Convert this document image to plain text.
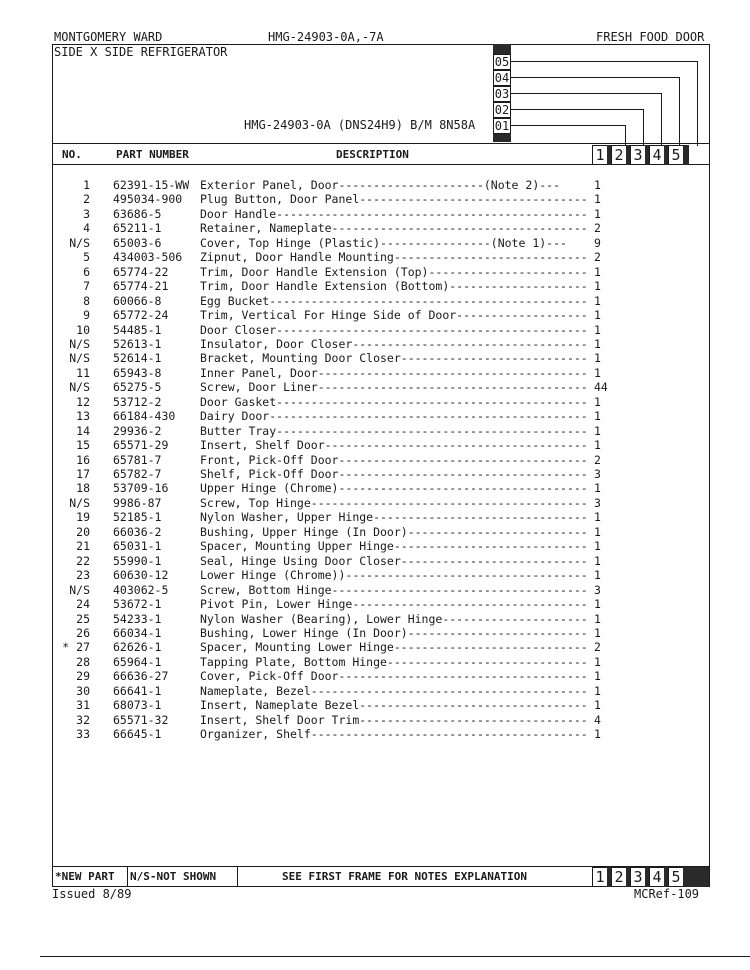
MONTGOMERY WARD	HMG-24903-0A,-7A	FRESH FOOD DOOR
SIDE X SIDE REFRIGERATOR
HMG-24903-0A (DNS24H9) B/M 8N58A
05
04
03
02
01
NO.	PART NUMBER	DESCRIPTION	1 2 3 4 5
1 62391-15-WW Exterior Panel, Door---------------------(Note 2)---	1
2 495034-900 Plug Button, Door Panel--------------------------------- 1
3 63686-5	Door Handle--------------------------------------------- 1
4 65211-1	Retainer, Nameplate------------------------------------- 2
N/S 65003-6	Cover, Top Hinge (Plastic)----------------(Note 1)--- 9
5 434003-506 Zipnut, Door Handle Mounting---------------------------- 2
6 65774-22	Trim, Door Handle Extension (Top)----------------------- 1
7 65774-21	Trim, Door Handle Extension (Bottom)-------------------- 1
8 60066-8	Egg Bucket---------------------------------------------- 1
9 65772-24	Trim, Vertical For Hinge Side of Door------------------- 1
10 54485-1	Door Closer--------------------------------------------- 1
N/S 52613-1	Insulator, Door Closer---------------------------------- 1
N/S 52614-1	Bracket, Mounting Door Closer--------------------------- 1
11 65943-8	Inner Panel, Door--------------------------------------- 1
N/S 65275-5	Screw, Door Liner--------------------------------------- 44
12 53712-2	Door Gasket--------------------------------------------- 1
13 66184-430 Dairy Door---------------------------------------------- 1
14 29936-2	Butter Tray--------------------------------------------- 1
15 65571-29	Insert, Shelf Door-------------------------------------- 1
16 65781-7	Front, Pick-Off Door------------------------------------ 2
17 65782-7	Shelf, Pick-Off Door------------------------------------ 3
18 53709-16	Upper Hinge (Chrome)------------------------------------ 1
N/S 9986-87	Screw, Top Hinge---------------------------------------- 3
19 52185-1	Nylon Washer, Upper Hinge------------------------------- 1
20 66036-2	Bushing, Upper Hinge (In Door)-------------------------- 1
21 65031-1	Spacer, Mounting Upper Hinge---------------------------- 1
22 55990-1	Seal, Hinge Using Door Closer--------------------------- 1
23 60630-12	Lower Hinge (Chrome))----------------------------------- 1
N/S 403062-5	Screw, Bottom Hinge------------------------------------- 3
24 53672-1	Pivot Pin, Lower Hinge---------------------------------- 1
25 54233-1	Nylon Washer (Bearing), Lower Hinge--------------------- 1
26 66034-1	Bushing, Lower Hinge (In Door)-------------------------- 1
* 27 62626-1	Spacer, Mounting Lower Hinge---------------------------- 2
28 65964-1	Tapping Plate, Bottom Hinge----------------------------- 1
29 66636-27	Cover, Pick-Off Door------------------------------------ 1
30 66641-1	Nameplate, Bezel---------------------------------------- 1
31 68073-1	Insert, Nameplate Bezel--------------------------------- 1
32 65571-32	Insert, Shelf Door Trim--------------------------------- 4
33 66645-1	Organizer, Shelf---------------------------------------- 1
*NEW PART N/S-NOT SHOWN	SEE FIRST FRAME FOR NOTES EXPLANATION	1 2 3 4 5
Issued 8/89	MCRef-109
